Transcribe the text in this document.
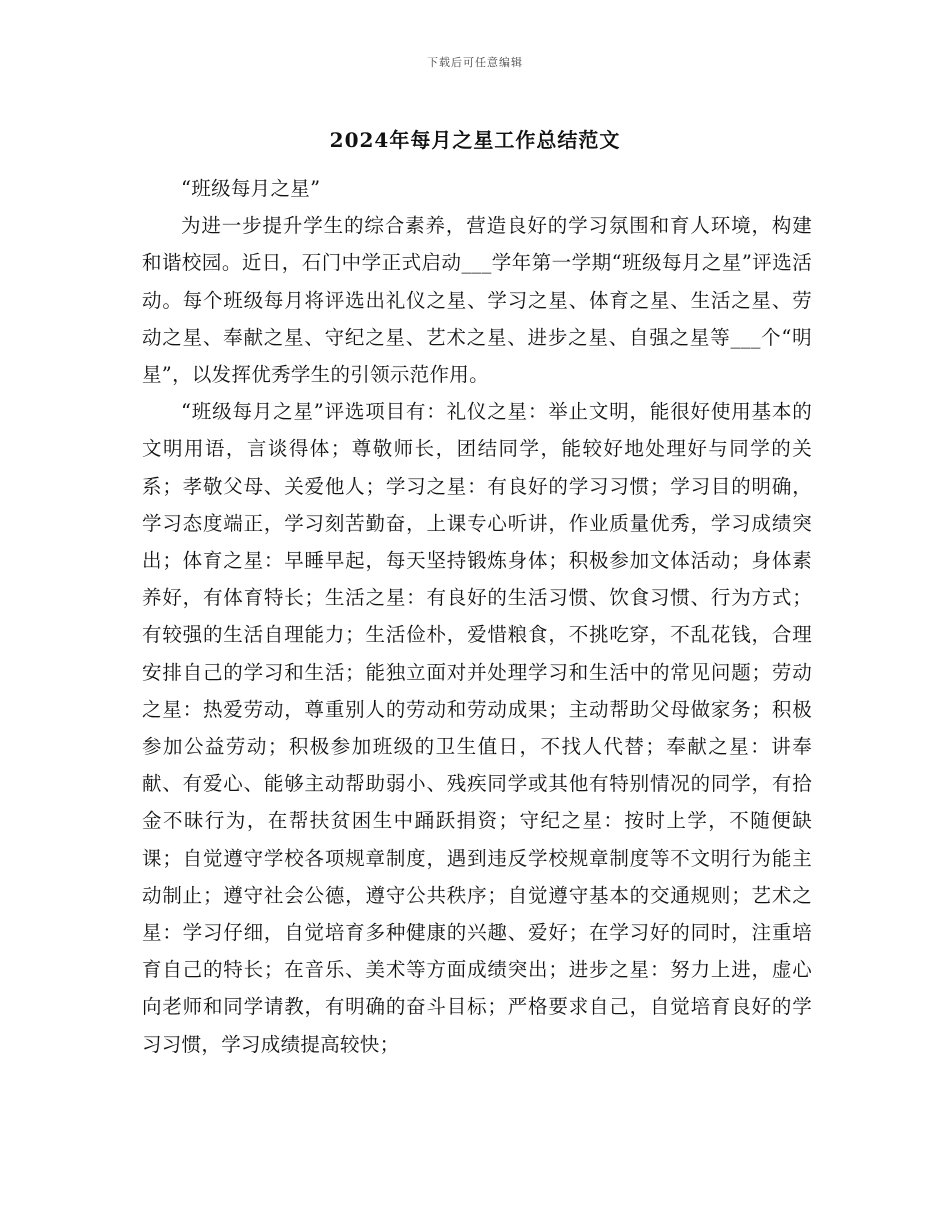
下载后可任意编辑
2024年每月之星工作总结范文

“班级每月之星”

为进一步提升学生的综合素养，营造良好的学习氛围和育人环境，构建和谐校园。近日，石门中学正式启动___学年第一学期“班级每月之星”评选活动。每个班级每月将评选出礼仪之星、学习之星、体育之星、生活之星、劳动之星、奉献之星、守纪之星、艺术之星、进步之星、自强之星等___个“明星”，以发挥优秀学生的引领示范作用。

“班级每月之星”评选项目有：礼仪之星：举止文明，能很好使用基本的文明用语，言谈得体；尊敬师长，团结同学，能较好地处理好与同学的关系；孝敬父母、关爱他人；学习之星：有良好的学习习惯；学习目的明确，学习态度端正，学习刻苦勤奋，上课专心听讲，作业质量优秀，学习成绩突出；体育之星：早睡早起，每天坚持锻炼身体；积极参加文体活动；身体素养好，有体育特长；生活之星：有良好的生活习惯、饮食习惯、行为方式；有较强的生活自理能力；生活俭朴，爱惜粮食，不挑吃穿，不乱花钱，合理安排自己的学习和生活；能独立面对并处理学习和生活中的常见问题；劳动之星：热爱劳动，尊重别人的劳动和劳动成果；主动帮助父母做家务；积极参加公益劳动；积极参加班级的卫生值日，不找人代替；奉献之星：讲奉献、有爱心、能够主动帮助弱小、残疾同学或其他有特别情况的同学，有拾金不昧行为，在帮扶贫困生中踊跃捐资；守纪之星：按时上学，不随便缺课；自觉遵守学校各项规章制度，遇到违反学校规章制度等不文明行为能主动制止；遵守社会公德，遵守公共秩序；自觉遵守基本的交通规则；艺术之星：学习仔细，自觉培育多种健康的兴趣、爱好；在学习好的同时，注重培育自己的特长；在音乐、美术等方面成绩突出；进步之星：努力上进，虚心向老师和同学请教，有明确的奋斗目标；严格要求自己，自觉培育良好的学习习惯，学习成绩提高较快；
